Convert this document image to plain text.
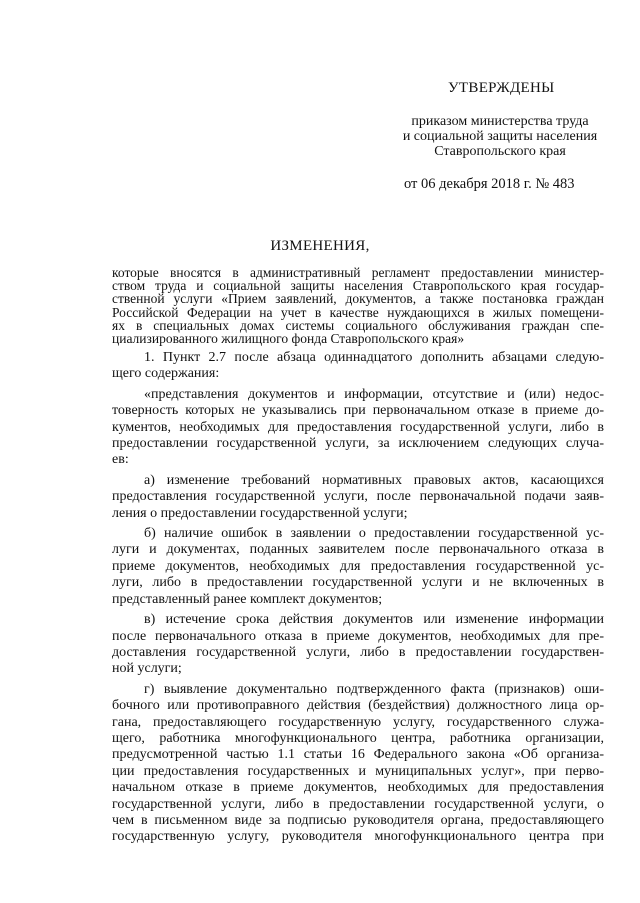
УТВЕРЖДЕНЫ
приказом министерства труда
и социальной защиты населения
Ставропольского края
от 06 декабря 2018 г. № 483
ИЗМЕНЕНИЯ,
которые вносятся в административный регламент предоставлении министер-
ством труда и социальной защиты населения Ставропольского края государ-
ственной услуги «Прием заявлений, документов, а также постановка граждан
Российской Федерации на учет в качестве нуждающихся в жилых помещени-
ях в специальных домах системы социального обслуживания граждан спе-
циализированного жилищного фонда Ставропольского края»
1. Пункт 2.7 после абзаца одиннадцатого дополнить абзацами следую-
щего содержания:
«представления документов и информации, отсутствие и (или) недос-
товерность которых не указывались при первоначальном отказе в приеме до-
кументов, необходимых для предоставления государственной услуги, либо в
предоставлении государственной услуги, за исключением следующих случа-
ев:
а) изменение требований нормативных правовых актов, касающихся
предоставления государственной услуги, после первоначальной подачи заяв-
ления о предоставлении государственной услуги;
б) наличие ошибок в заявлении о предоставлении государственной ус-
луги и документах, поданных заявителем после первоначального отказа в
приеме документов, необходимых для предоставления государственной ус-
луги, либо в предоставлении государственной услуги и не включенных в
представленный ранее комплект документов;
в) истечение срока действия документов или изменение информации
после первоначального отказа в приеме документов, необходимых для пре-
доставления государственной услуги, либо в предоставлении государствен-
ной услуги;
г) выявление документально подтвержденного факта (признаков) оши-
бочного или противоправного действия (бездействия) должностного лица ор-
гана, предоставляющего государственную услугу, государственного служа-
щего, работника многофункционального центра, работника организации,
предусмотренной частью 1.1 статьи 16 Федерального закона «Об организа-
ции предоставления государственных и муниципальных услуг», при перво-
начальном отказе в приеме документов, необходимых для предоставления
государственной услуги, либо в предоставлении государственной услуги, о
чем в письменном виде за подписью руководителя органа, предоставляющего
государственную услугу, руководителя многофункционального центра при
